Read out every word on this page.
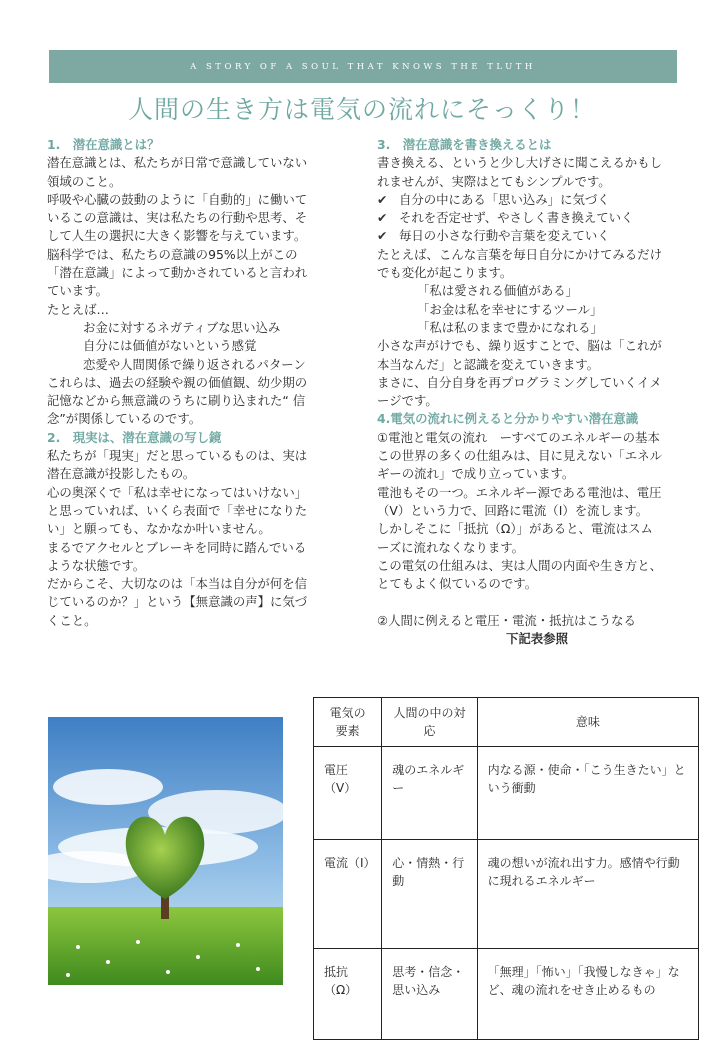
A STORY OF A SOUL THAT KNOWS THE TLUTH
人間の生き方は電気の流れにそっくり！

1.　潜在意識とは？

潜在意識とは、私たちが日常で意識していない

領域のこと。

呼吸や心臓の鼓動のように「自動的」に働いて

いるこの意識は、実は私たちの行動や思考、そ

して人生の選択に大きく影響を与えています。

脳科学では、私たちの意識の95%以上がこの

「潜在意識」によって動かされていると言われ

ています。

たとえば…

お金に対するネガティブな思い込み

自分には価値がないという感覚

恋愛や人間関係で繰り返されるパターン

これらは、過去の経験や親の価値観、幼少期の

記憶などから無意識のうちに刷り込まれた“ 信

念”が関係しているのです。

2.　現実は、潜在意識の写し鏡

私たちが「現実」だと思っているものは、実は

潜在意識が投影したもの。

心の奥深くで「私は幸せになってはいけない」

と思っていれば、いくら表面で「幸せになりた

い」と願っても、なかなか叶いません。

まるでアクセルとブレーキを同時に踏んでいる

ような状態です。

だからこそ、大切なのは「本当は自分が何を信

じているのか？」という【無意識の声】に気づ

くこと。

3.　潜在意識を書き換えるとは

書き換える、というと少し大げさに聞こえるかもし

れませんが、実際はとてもシンプルです。

✔ 自分の中にある「思い込み」に気づく

✔ それを否定せず、やさしく書き換えていく

✔ 毎日の小さな行動や言葉を変えていく

たとえば、こんな言葉を毎日自分にかけてみるだけ

でも変化が起こります。

「私は愛される価値がある」

「お金は私を幸せにするツール」

「私は私のままで豊かになれる」

小さな声がけでも、繰り返すことで、脳は「これが

本当なんだ」と認識を変えていきます。

まさに、自分自身を再プログラミングしていくイメ

ージです。

4.電気の流れに例えると分かりやすい潜在意識

①電池と電気の流れ　ーすべてのエネルギーの基本

この世界の多くの仕組みは、目に見えない「エネル

ギーの流れ」で成り立っています。

電池もその一つ。エネルギー源である電池は、電圧

（V）という力で、回路に電流（I）を流します。

しかしそこに「抵抗（Ω）」があると、電流はスム

ーズに流れなくなります。

この電気の仕組みは、実は人間の内面や生き方と、

とてもよく似ているのです。

②人間に例えると電圧・電流・抵抗はこうなる

下記表参照

電気の要素	人間の中の対応	意味
電圧（V）	魂のエネルギー	内なる源・使命・「こう生きたい」という衝動
電流（I）	心・情熱・行動	魂の想いが流れ出す力。感情や行動に現れるエネルギー
抵抗（Ω）	思考・信念・思い込み	「無理」「怖い」「我慢しなきゃ」など、魂の流れをせき止めるもの
